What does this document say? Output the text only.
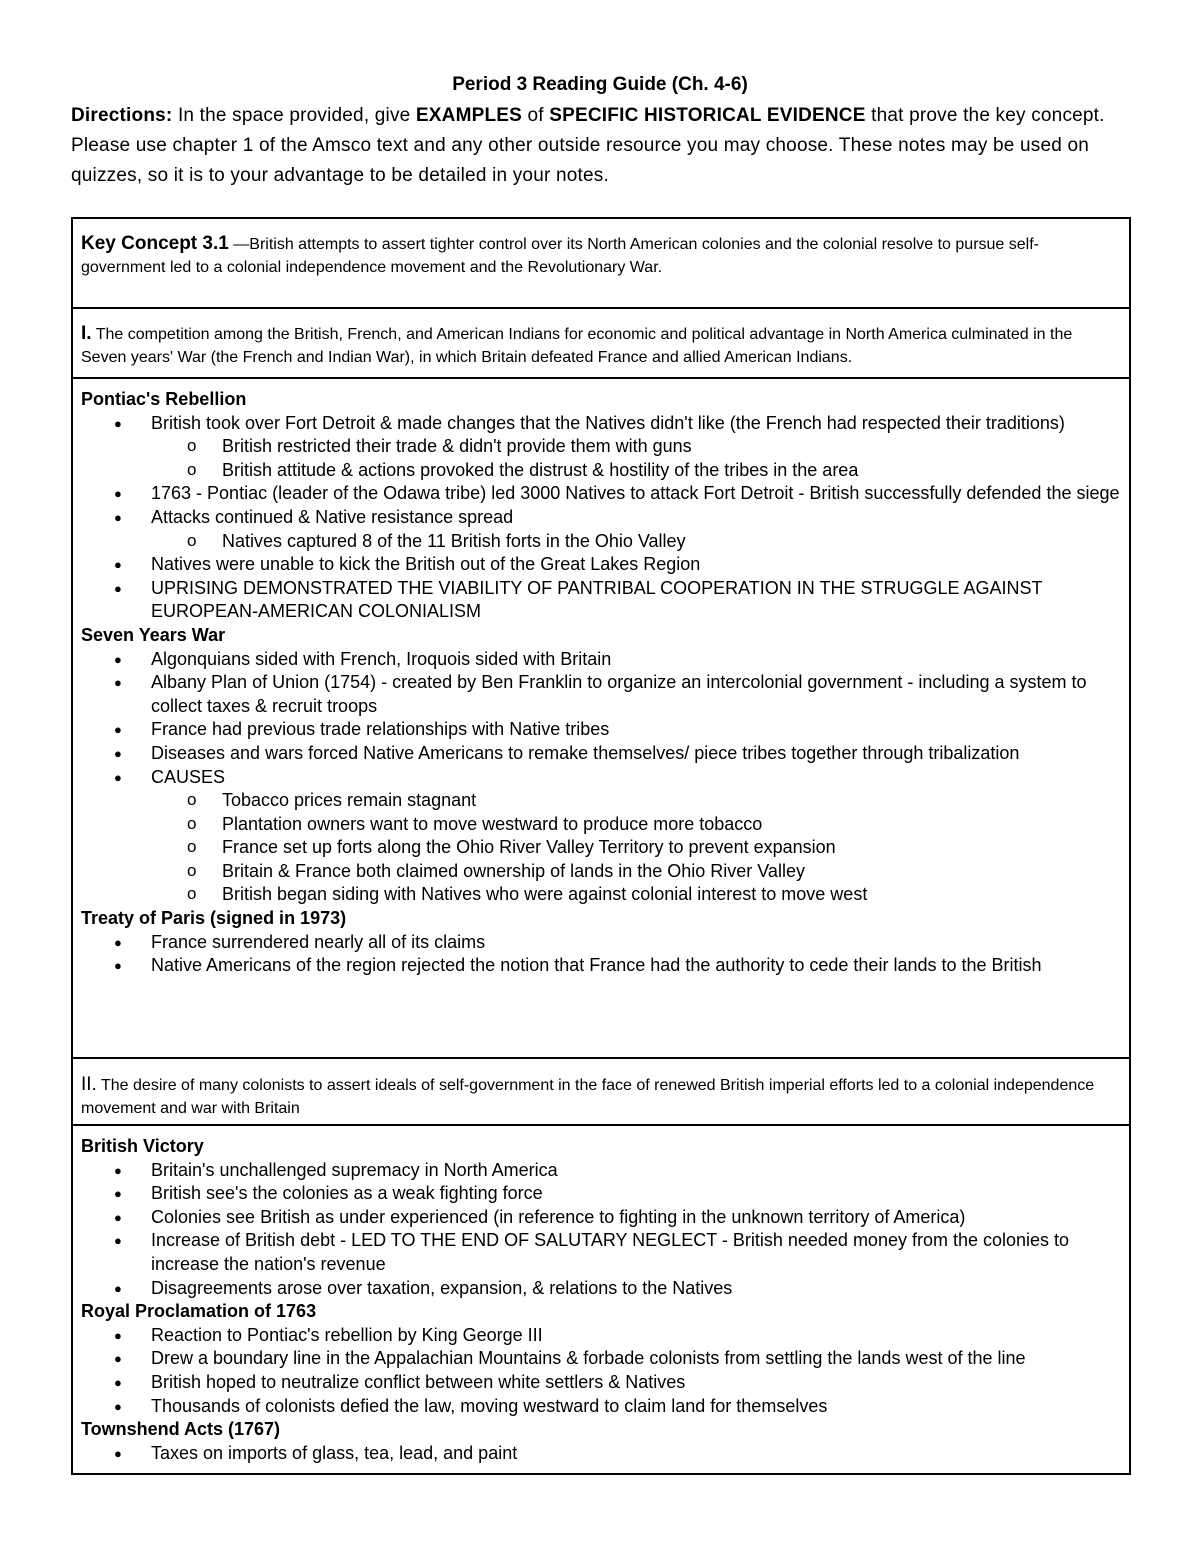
Period 3 Reading Guide (Ch. 4-6)
Directions: In the space provided, give EXAMPLES of SPECIFIC HISTORICAL EVIDENCE that prove the key concept. Please use chapter 1 of the Amsco text and any other outside resource you may choose. These notes may be used on quizzes, so it is to your advantage to be detailed in your notes.
Key Concept 3.1 —British attempts to assert tighter control over its North American colonies and the colonial resolve to pursue self-government led to a colonial independence movement and the Revolutionary War.
I. The competition among the British, French, and American Indians for economic and political advantage in North America culminated in the Seven years' War (the French and Indian War), in which Britain defeated France and allied American Indians.
Pontiac's Rebellion
● British took over Fort Detroit & made changes that the Natives didn't like (the French had respected their traditions)
o British restricted their trade & didn't provide them with guns
o British attitude & actions provoked the distrust & hostility of the tribes in the area
● 1763 - Pontiac (leader of the Odawa tribe) led 3000 Natives to attack Fort Detroit - British successfully defended the siege
● Attacks continued & Native resistance spread
o Natives captured 8 of the 11 British forts in the Ohio Valley
● Natives were unable to kick the British out of the Great Lakes Region
● UPRISING DEMONSTRATED THE VIABILITY OF PANTRIBAL COOPERATION IN THE STRUGGLE AGAINST EUROPEAN-AMERICAN COLONIALISM
Seven Years War
● Algonquians sided with French, Iroquois sided with Britain
● Albany Plan of Union (1754) - created by Ben Franklin to organize an intercolonial government - including a system to collect taxes & recruit troops
● France had previous trade relationships with Native tribes
● Diseases and wars forced Native Americans to remake themselves/ piece tribes together through tribalization
● CAUSES
o Tobacco prices remain stagnant
o Plantation owners want to move westward to produce more tobacco
o France set up forts along the Ohio River Valley Territory to prevent expansion
o Britain & France both claimed ownership of lands in the Ohio River Valley
o British began siding with Natives who were against colonial interest to move west
Treaty of Paris (signed in 1973)
● France surrendered nearly all of its claims
● Native Americans of the region rejected the notion that France had the authority to cede their lands to the British
II. The desire of many colonists to assert ideals of self-government in the face of renewed British imperial efforts led to a colonial independence movement and war with Britain
British Victory
● Britain's unchallenged supremacy in North America
● British see's the colonies as a weak fighting force
● Colonies see British as under experienced (in reference to fighting in the unknown territory of America)
● Increase of British debt - LED TO THE END OF SALUTARY NEGLECT - British needed money from the colonies to increase the nation's revenue
● Disagreements arose over taxation, expansion, & relations to the Natives
Royal Proclamation of 1763
● Reaction to Pontiac's rebellion by King George III
● Drew a boundary line in the Appalachian Mountains & forbade colonists from settling the lands west of the line
● British hoped to neutralize conflict between white settlers & Natives
● Thousands of colonists defied the law, moving westward to claim land for themselves
Townshend Acts (1767)
● Taxes on imports of glass, tea, lead, and paint
